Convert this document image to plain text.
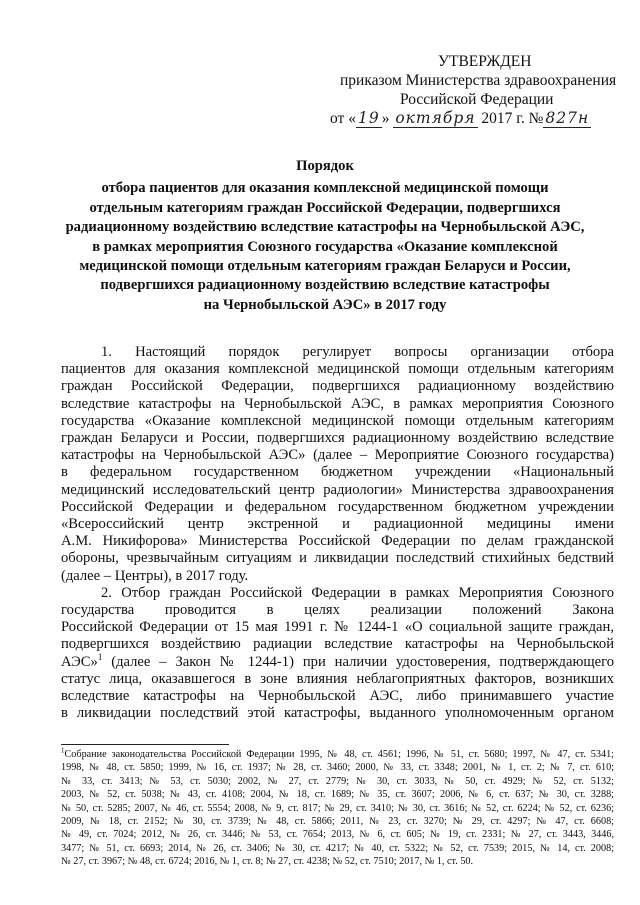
УТВЕРЖДЕН
приказом Министерства здравоохранения
Российской Федерации
от « 19 » октября 2017 г. № 827н
Порядок
отбора пациентов для оказания комплексной медицинской помощи
отдельным категориям граждан Российской Федерации, подвергшихся
радиационному воздействию вследствие катастрофы на Чернобыльской АЭС,
в рамках мероприятия Союзного государства «Оказание комплексной
медицинской помощи отдельным категориям граждан Беларуси и России,
подвергшихся радиационному воздействию вследствие катастрофы
на Чернобыльской АЭС» в 2017 году
1. Настоящий порядок регулирует вопросы организации отбора
пациентов для оказания комплексной медицинской помощи отдельным категориям
граждан Российской Федерации, подвергшихся радиационному воздействию
вследствие катастрофы на Чернобыльской АЭС, в рамках мероприятия Союзного
государства «Оказание комплексной медицинской помощи отдельным категориям
граждан Беларуси и России, подвергшихся радиационному воздействию вследствие
катастрофы на Чернобыльской АЭС» (далее – Мероприятие Союзного государства)
в федеральном государственном бюджетном учреждении «Национальный
медицинский исследовательский центр радиологии» Министерства здравоохранения
Российской Федерации и федеральном государственном бюджетном учреждении
«Всероссийский центр экстренной и радиационной медицины имени
А.М. Никифорова» Министерства Российской Федерации по делам гражданской
обороны, чрезвычайным ситуациям и ликвидации последствий стихийных бедствий
(далее – Центры), в 2017 году.
2. Отбор граждан Российской Федерации в рамках Мероприятия Союзного
государства проводится в целях реализации положений Закона
Российской Федерации от 15 мая 1991 г. № 1244-1 «О социальной защите граждан,
подвергшихся воздействию радиации вследствие катастрофы на Чернобыльской
АЭС»$^1$ (далее – Закон № 1244-1) при наличии удостоверения, подтверждающего
статус лица, оказавшегося в зоне влияния неблагоприятных факторов, возникших
вследствие катастрофы на Чернобыльской АЭС, либо принимавшего участие
в ликвидации последствий этой катастрофы, выданного уполномоченным органом
$^1$Собрание законодательства Российской Федерации 1995, № 48, ст. 4561; 1996, № 51, ст. 5680; 1997, № 47, ст. 5341;
1998, № 48, ст. 5850; 1999, № 16, ст. 1937; № 28, ст. 3460; 2000, № 33, ст. 3348; 2001, № 1, ст. 2; № 7, ст. 610;
№ 33, ст. 3413; № 53, ст. 5030; 2002, № 27, ст. 2779; № 30, ст. 3033, № 50, ст. 4929; № 52, ст. 5132;
2003, № 52, ст. 5038; № 43, ст. 4108; 2004, № 18, ст. 1689; № 35, ст. 3607; 2006, № 6, ст. 637; № 30, ст. 3288;
№ 50, ст. 5285; 2007, № 46, ст. 5554; 2008, № 9, ст. 817; № 29, ст. 3410; № 30, ст. 3616; № 52, ст. 6224; № 52, ст. 6236;
2009, № 18, ст. 2152; № 30, ст. 3739; № 48, ст. 5866; 2011, № 23, ст. 3270; № 29, ст. 4297; № 47, ст. 6608;
№ 49, ст. 7024; 2012, № 26, ст. 3446; № 53, ст. 7654; 2013, № 6, ст. 605; № 19, ст. 2331; № 27, ст. 3443, 3446,
3477; № 51, ст. 6693; 2014, № 26, ст. 3406; № 30, ст. 4217; № 40, ст. 5322; № 52, ст. 7539; 2015, № 14, ст. 2008;
№ 27, ст. 3967; № 48, ст. 6724; 2016, № 1, ст. 8; № 27, ст. 4238; № 52, ст. 7510; 2017, № 1, ст. 50.
